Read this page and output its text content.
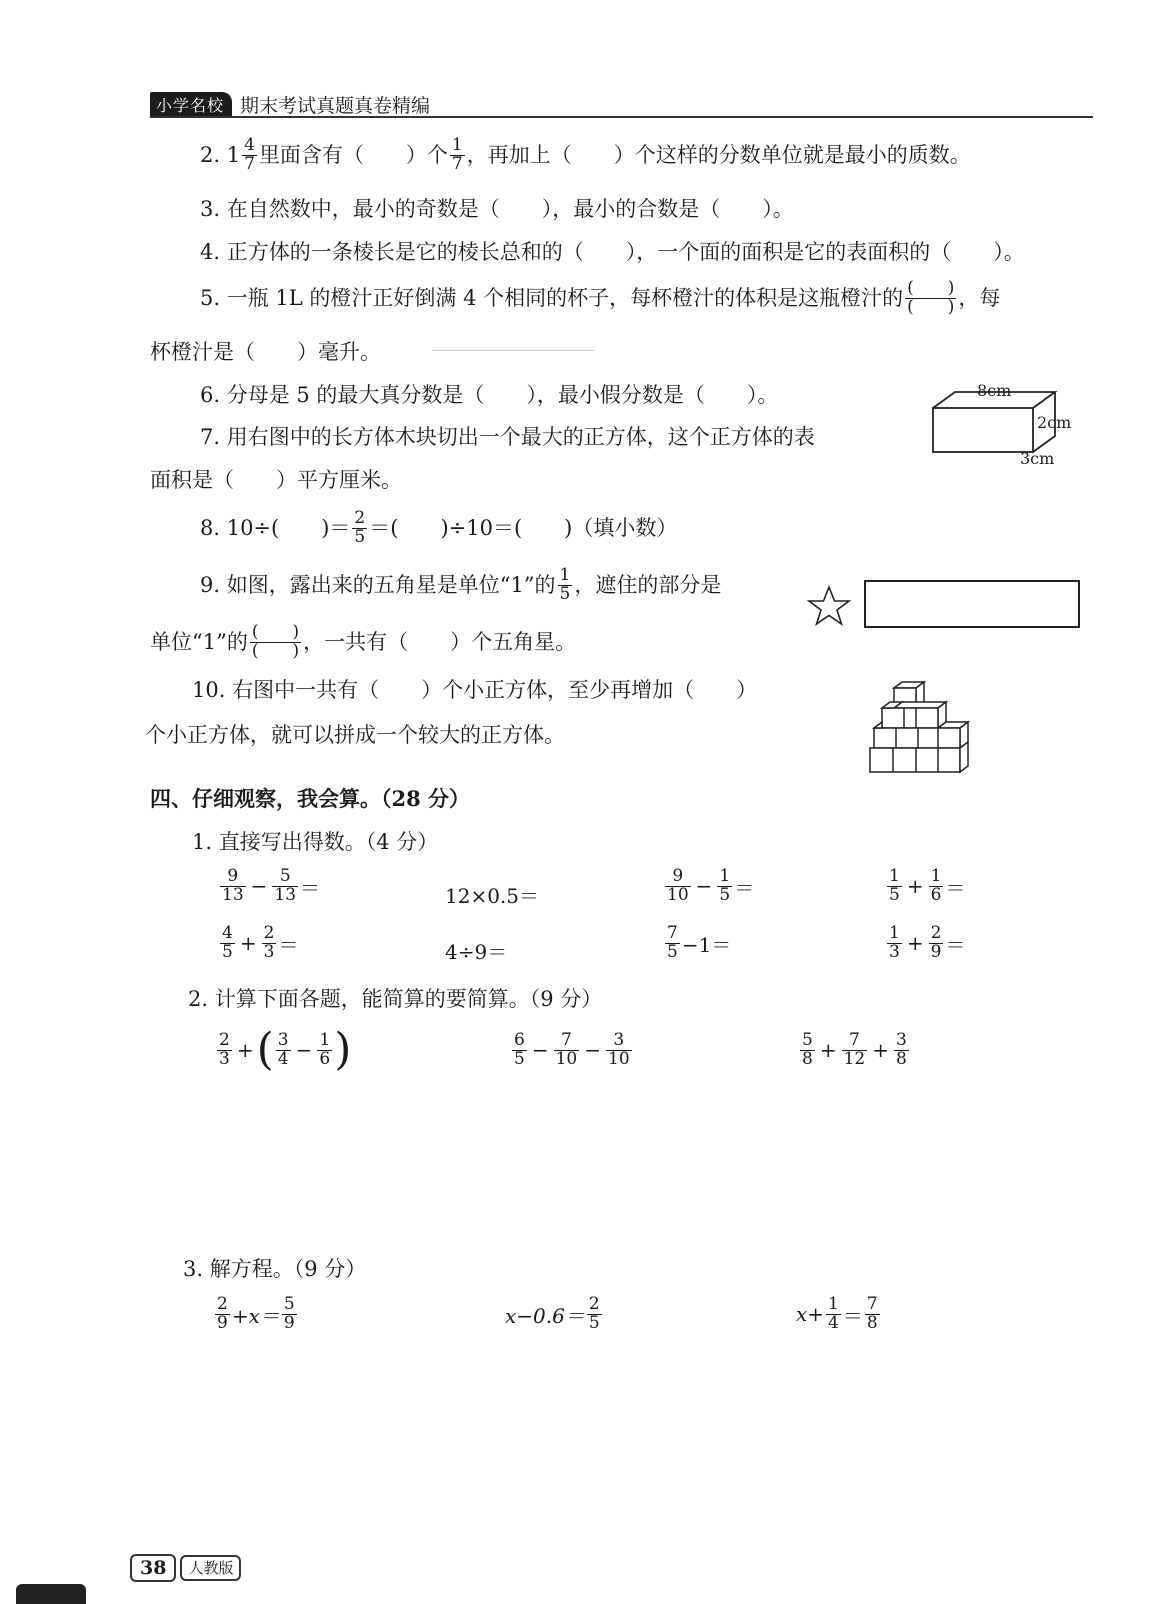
小学名校 期末考试真题真卷精编
2. $1 \frac{4}{7}$ 里面含有（　　）个 $\frac{1}{7}$ ，再加上（　　）个这样的分数单位就是最小的质数。
3. 在自然数中，最小的奇数是（　　），最小的合数是（　　）。
4. 正方体的一条棱长是它的棱长总和的（　　），一个面的面积是它的表面积的（　　）。
5.
一瓶 1L 的橙汁正好倒满 4 个相同的杯子，每杯橙汁的体积是这瓶橙汁的 $\frac{( )}{( )}$ ，每
杯橙汁是（　　）毫升。
6. 分母是 5 的最大真分数是（　　），最小假分数是（　　）。
7. 用右图中的长方体木块切出一个最大的正方体，这个正方体的表
面积是（　　）平方厘米。
8cm
2cm
3cm
8. 10÷(　　)＝ $\frac{2}{5}$ ＝(　　)÷10＝(　　)（填小数）
9. 如图，露出来的五角星是单位“1”的 $\frac{1}{5}$ ，遮住的部分是
单位“1”的 $\frac{( )}{( )}$ ，一共有（　　）个五角星。
10. 右图中一共有（　　）个小正方体，至少再增加（　　）
个小正方体，就可以拼成一个较大的正方体。
四、仔细观察，我会算。（28 分）
1. 直接写出得数。（4 分）
$\frac{9}{13} - \frac{5}{13}$ ＝	12×0.5＝	$\frac{9}{10} - \frac{1}{5}$ ＝	$\frac{1}{5} + \frac{1}{6}$ ＝
$\frac{4}{5} + \frac{2}{3}$ ＝	4÷9＝	$\frac{7}{5} -1=$	$\frac{1}{3} + \frac{2}{9}$ ＝
2. 计算下面各题，能简算的要简算。（9 分）
$\frac{2}{3}$ + ( $\frac{3}{4} - \frac{1}{6}$ )	$\frac{6}{5} - \frac{7}{10} - \frac{3}{10}$	$\frac{5}{8} + \frac{7}{12} + \frac{3}{8}$
3. 解方程。（9 分）
$\frac{2}{9} +x= \frac{5}{9}$	$x-0.6= \frac{2}{5}$	$x+ \frac{1}{4} = \frac{7}{8}$
38	人教版
